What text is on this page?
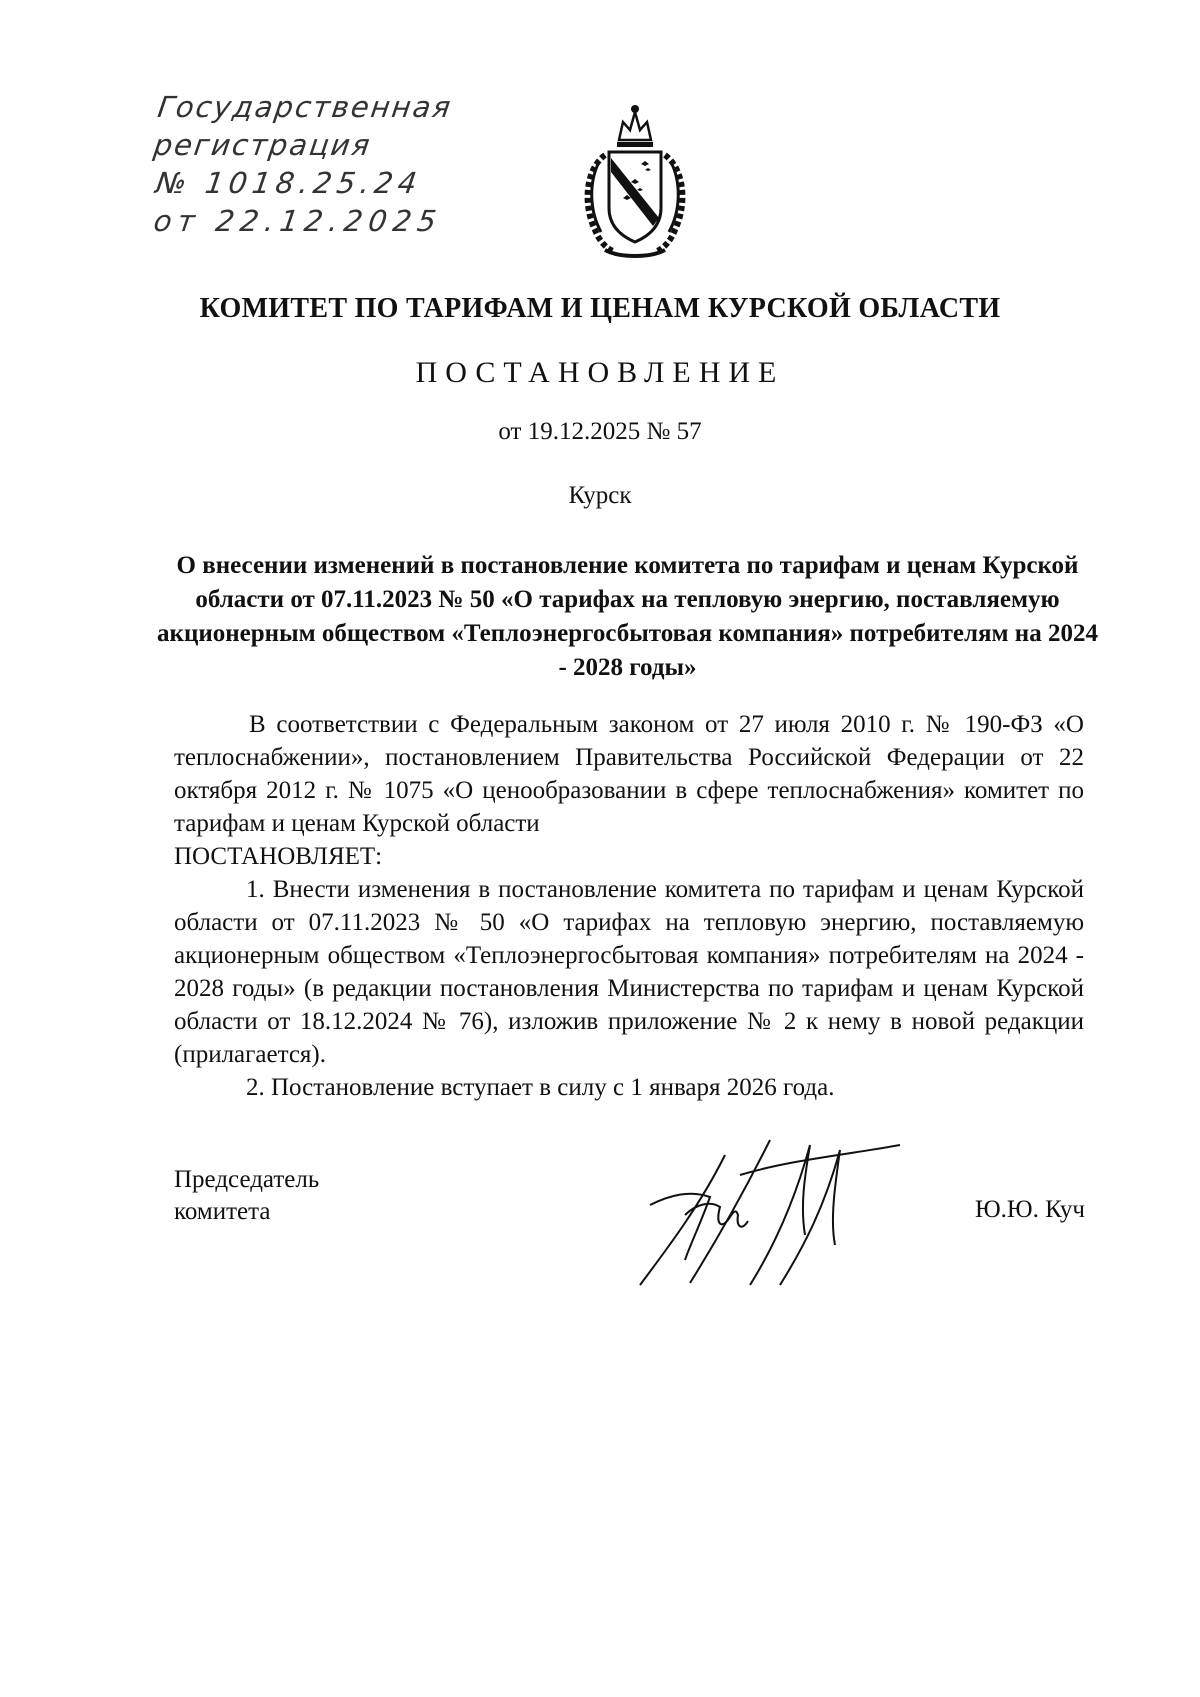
Государственная
регистрация
№ 1018.25.24
от 22.12.2025
КОМИТЕТ ПО ТАРИФАМ И ЦЕНАМ КУРСКОЙ ОБЛАСТИ
ПОСТАНОВЛЕНИЕ
от 19.12.2025 № 57
Курск
О внесении изменений в постановление комитета по тарифам и ценам Курской области от 07.11.2023 № 50 «О тарифах на тепловую энергию, поставляемую акционерным обществом «Теплоэнергосбытовая компания» потребителям на 2024 - 2028 годы»

В соответствии с Федеральным законом от 27 июля 2010 г. № 190-ФЗ «О теплоснабжении», постановлением Правительства Российской Федерации от 22 октября 2012 г. № 1075 «О ценообразовании в сфере теплоснабжения» комитет по тарифам и ценам Курской области

ПОСТАНОВЛЯЕТ:

1. Внести изменения в постановление комитета по тарифам и ценам Курской области от 07.11.2023 № 50 «О тарифах на тепловую энергию, поставляемую акционерным обществом «Теплоэнергосбытовая компания» потребителям на 2024 - 2028 годы» (в редакции постановления Министерства по тарифам и ценам Курской области от 18.12.2024 № 76), изложив приложение № 2 к нему в новой редакции (прилагается).

2. Постановление вступает в силу с 1 января 2026 года.

Председатель
комитета	Ю.Ю. Куч
